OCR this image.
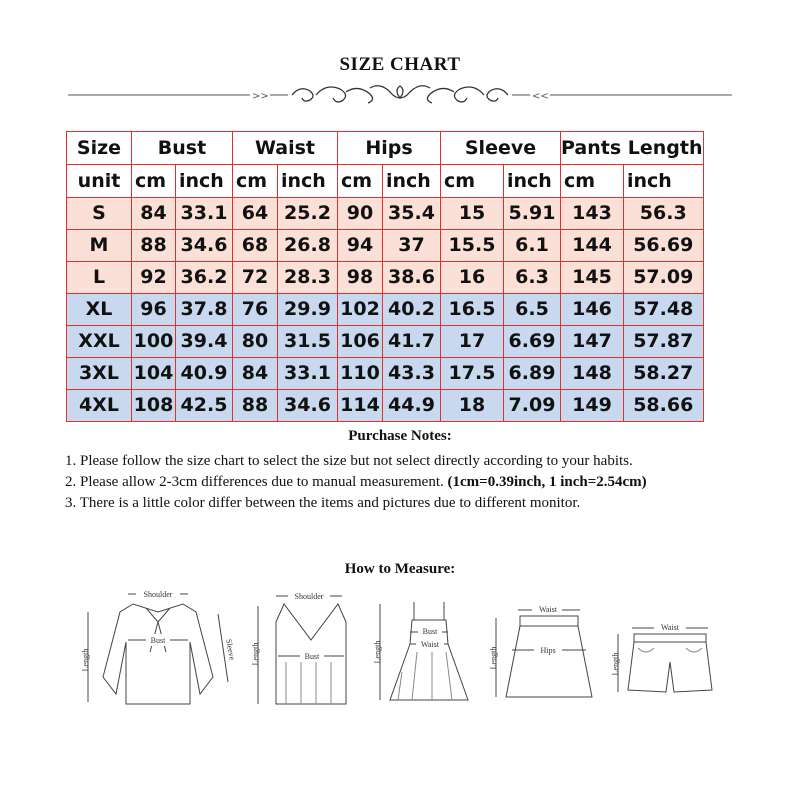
SIZE CHART
>>	<<
Size	Bust		Waist		Hips		Sleeve		Pants Length	
unit	cm	inch	cm	inch	cm	inch	cm	inch	cm	inch
S	84	33.1	64	25.2	90	35.4	15	5.91	143	56.3
M	88	34.6	68	26.8	94	37	15.5	6.1	144	56.69
L	92	36.2	72	28.3	98	38.6	16	6.3	145	57.09
XL	96	37.8	76	29.9	102	40.2	16.5	6.5	146	57.48
XXL	100	39.4	80	31.5	106	41.7	17	6.69	147	57.87
3XL	104	40.9	84	33.1	110	43.3	17.5	6.89	148	58.27
4XL	108	42.5	88	34.6	114	44.9	18	7.09	149	58.66
Purchase Notes:

1. Please follow the size chart to select the size but not select directly according to your habits.

2. Please allow 2-3cm differences due to manual measurement. (1cm=0.39inch, 1 inch=2.54cm)

3. There is a little color differ between the items and pictures due to different monitor.

How to Measure:
Shoulder
Bust	Sleeve
Length
Shoulder
Bust
Length
Bust
Waist
Length
Waist
Hips
Length
Waist
Length
